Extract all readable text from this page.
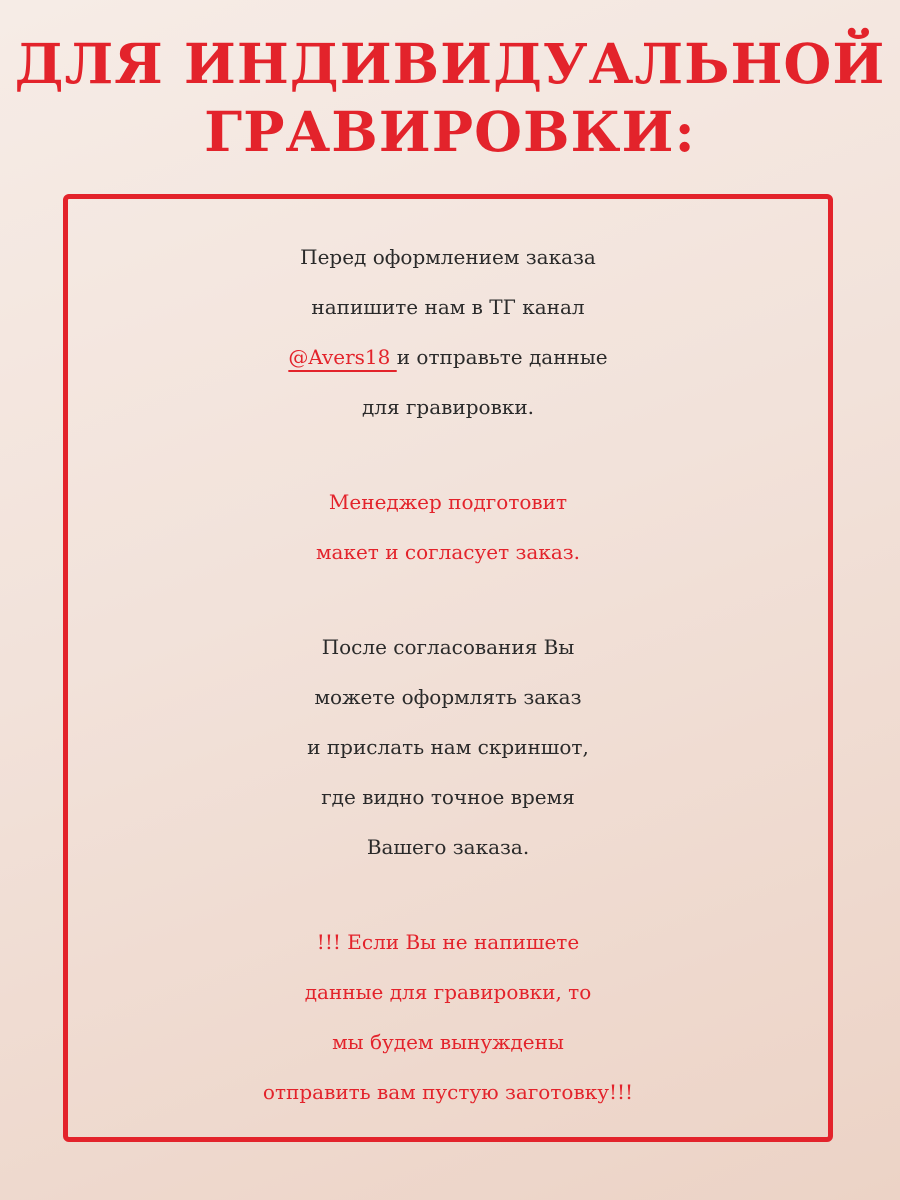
ДЛЯ ИНДИВИДУАЛЬНОЙ
ГРАВИРОВКИ:

Перед оформлением заказа
напишите нам в ТГ канал
@Avers18 и отправьте данные
для гравировки.

Менеджер подготовит
макет и согласует заказ.

После согласования Вы
можете оформлять заказ
и прислать нам скриншот,
где видно точное время
Вашего заказа.

!!! Если Вы не напишете
данные для гравировки, то
мы будем вынуждены
отправить вам пустую заготовку!!!
